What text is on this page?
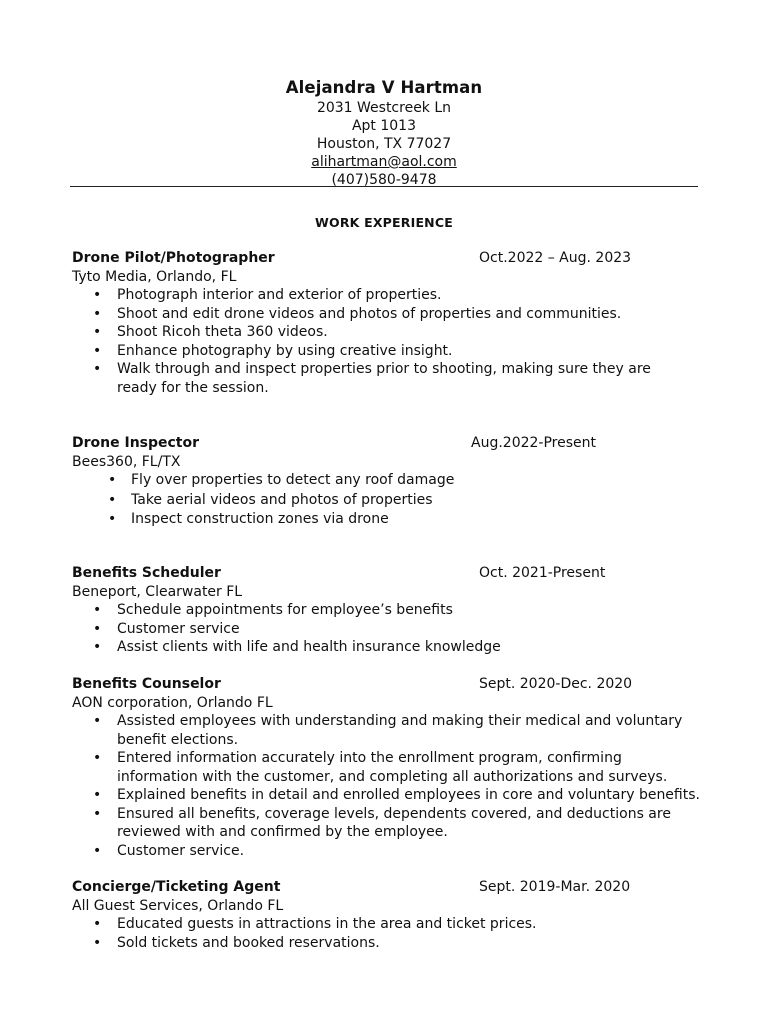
Alejandra V Hartman
2031 Westcreek Ln
Apt 1013
Houston, TX 77027
alihartman@aol.com
(407)580-9478
WORK EXPERIENCE
Drone Pilot/Photographer	Oct.2022 – Aug. 2023
Tyto Media, Orlando, FL
• Photograph interior and exterior of properties.
• Shoot and edit drone videos and photos of properties and communities.
• Shoot Ricoh theta 360 videos.
• Enhance photography by using creative insight.
• Walk through and inspect properties prior to shooting, making sure they are ready for the session.
Drone Inspector	Aug.2022-Present
Bees360, FL/TX
• Fly over properties to detect any roof damage
• Take aerial videos and photos of properties
• Inspect construction zones via drone
Benefits Scheduler	Oct. 2021-Present
Beneport, Clearwater FL
• Schedule appointments for employee’s benefits
• Customer service
• Assist clients with life and health insurance knowledge
Benefits Counselor	Sept. 2020-Dec. 2020
AON corporation, Orlando FL
• Assisted employees with understanding and making their medical and voluntary benefit elections.
• Entered information accurately into the enrollment program, confirming information with the customer, and completing all authorizations and surveys.
• Explained benefits in detail and enrolled employees in core and voluntary benefits.
• Ensured all benefits, coverage levels, dependents covered, and deductions are reviewed with and confirmed by the employee.
• Customer service.
Concierge/Ticketing Agent	Sept. 2019-Mar. 2020
All Guest Services, Orlando FL
• Educated guests in attractions in the area and ticket prices.
• Sold tickets and booked reservations.
